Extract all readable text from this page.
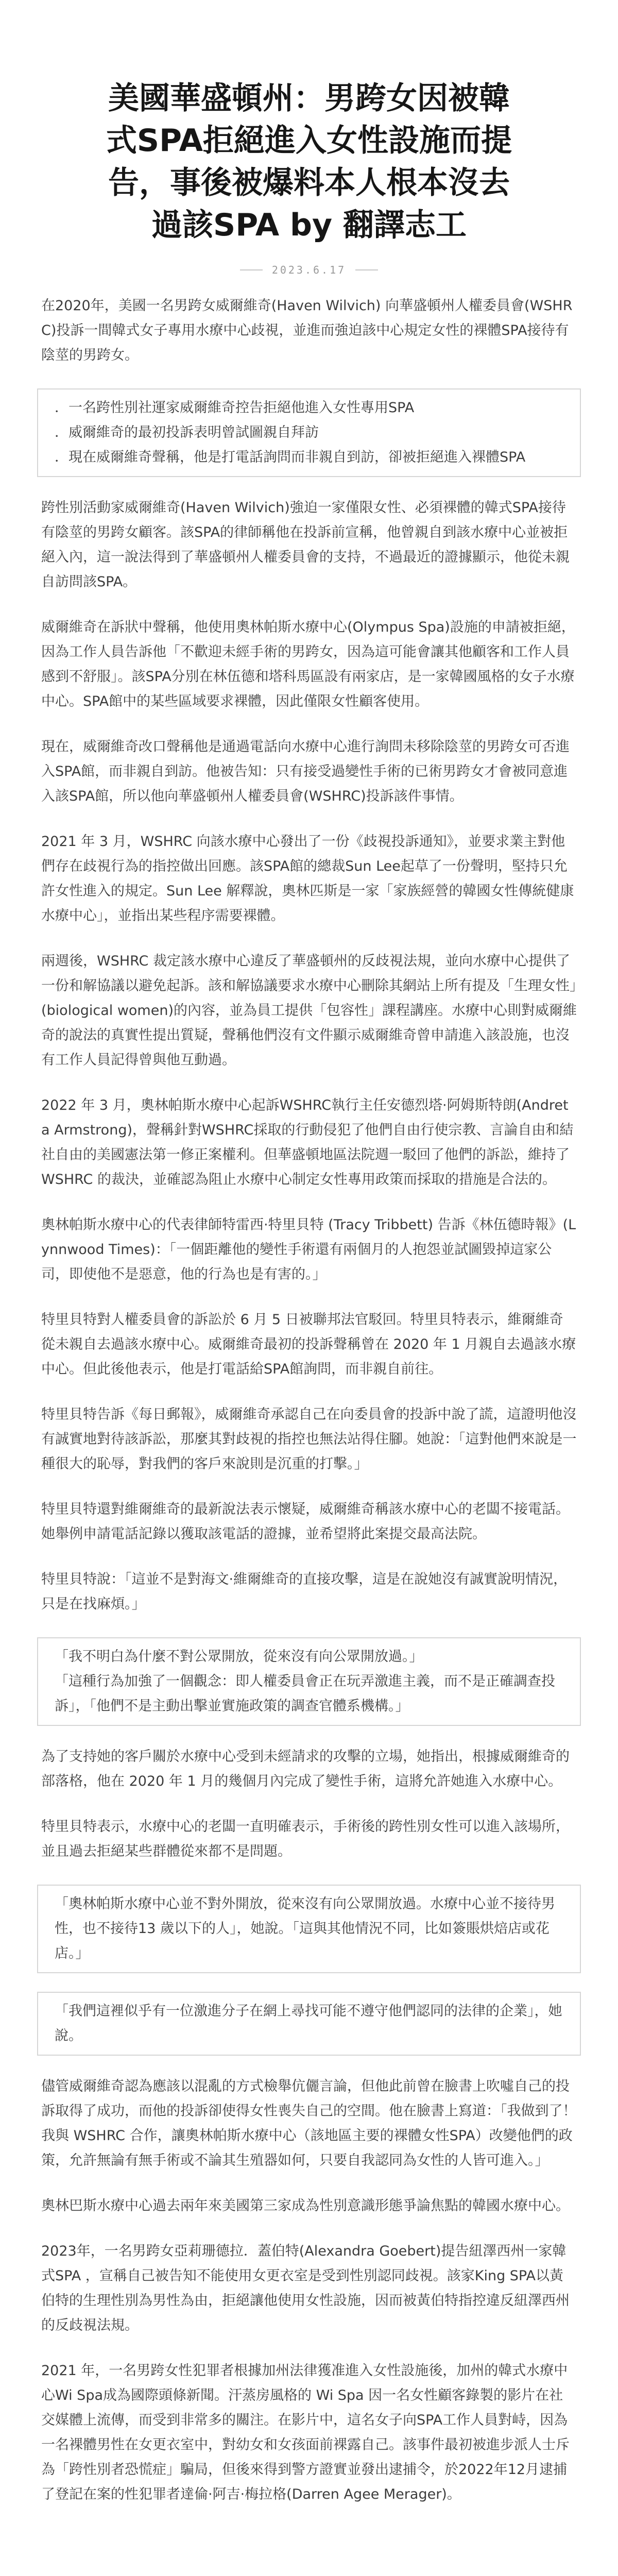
美國華盛頓州：男跨女因被韓
式SPA拒絕進入女性設施而提
告，事後被爆料本人根本沒去
過該SPA by 翻譯志工
2023.6.17

在2020年，美國一名男跨女威爾維奇(Haven Wilvich) 向華盛頓州人權委員會(WSHRC)投訴一間韓式女子專用水療中心歧視，並進而強迫該中心規定女性的裸體SPA接待有陰莖的男跨女。

．一名跨性別社運家威爾維奇控告拒絕他進入女性專用SPA
．威爾維奇的最初投訴表明曾試圖親自拜訪
．現在威爾維奇聲稱，他是打電話詢問而非親自到訪，卻被拒絕進入裸體SPA

跨性別活動家威爾維奇(Haven Wilvich)強迫一家僅限女性、必須裸體的韓式SPA接待有陰莖的男跨女顧客。該SPA的律師稱他在投訴前宣稱，他曾親自到該水療中心並被拒絕入內，這一說法得到了華盛頓州人權委員會的支持，不過最近的證據顯示，他從未親自訪問該SPA。

威爾維奇在訴狀中聲稱，他使用奧林帕斯水療中心(Olympus Spa)設施的申請被拒絕，因為工作人員告訴他「不歡迎未經手術的男跨女，因為這可能會讓其他顧客和工作人員感到不舒服」。該SPA分別在林伍德和塔科馬區設有兩家店，是一家韓國風格的女子水療中心。SPA館中的某些區域要求裸體，因此僅限女性顧客使用。

現在，威爾維奇改口聲稱他是通過電話向水療中心進行詢問未移除陰莖的男跨女可否進入SPA館，而非親自到訪。他被告知：只有接受過變性手術的已術男跨女才會被同意進入該SPA館，所以他向華盛頓州人權委員會(WSHRC)投訴該件事情。

2021 年 3 月，WSHRC 向該水療中心發出了一份《歧視投訴通知》，並要求業主對他們存在歧視行為的指控做出回應。該SPA館的總裁Sun Lee起草了一份聲明，堅持只允許女性進入的規定。Sun Lee 解釋說，奧林匹斯是一家「家族經營的韓國女性傳統健康水療中心」，並指出某些程序需要裸體。

兩週後，WSHRC 裁定該水療中心違反了華盛頓州的反歧視法規，並向水療中心提供了一份和解協議以避免起訴。該和解協議要求水療中心刪除其網站上所有提及「生理女性」(biological women)的內容，並為員工提供「包容性」課程講座。水療中心則對威爾維奇的說法的真實性提出質疑，聲稱他們沒有文件顯示威爾維奇曾申請進入該設施，也沒有工作人員記得曾與他互動過。

2022 年 3 月，奧林帕斯水療中心起訴WSHRC執行主任安德烈塔·阿姆斯特朗(Andreta Armstrong)，聲稱針對WSHRC採取的行動侵犯了他們自由行使宗教、言論自由和結社自由的美國憲法第一修正案權利。但華盛頓地區法院週一駁回了他們的訴訟，維持了 WSHRC 的裁決，並確認為阻止水療中心制定女性專用政策而採取的措施是合法的。

奧林帕斯水療中心的代表律師特雷西·特里貝特 (Tracy Tribbett) 告訴《林伍德時報》(Lynnwood Times)：「一個距離他的變性手術還有兩個月的人抱怨並試圖毀掉這家公司，即使他不是惡意，他的行為也是有害的。」

特里貝特對人權委員會的訴訟於 6 月 5 日被聯邦法官駁回。特里貝特表示，維爾維奇從未親自去過該水療中心。威爾維奇最初的投訴聲稱曾在 2020 年 1 月親自去過該水療中心。但此後他表示，他是打電話給SPA館詢問，而非親自前往。

特里貝特告訴《每日郵報》，威爾維奇承認自己在向委員會的投訴中說了謊，這證明他沒有誠實地對待該訴訟，那麼其對歧視的指控也無法站得住腳。她說：「這對他們來說是一種很大的恥辱，對我們的客戶來說則是沉重的打擊。」

特里貝特還對維爾維奇的最新說法表示懷疑，威爾維奇稱該水療中心的老闆不接電話。她舉例申請電話記錄以獲取該電話的證據，並希望將此案提交最高法院。

特里貝特說：「這並不是對海文·維爾維奇的直接攻擊，這是在說她沒有誠實說明情況，只是在找麻煩。」

「我不明白為什麼不對公眾開放，從來沒有向公眾開放過。」
「這種行為加強了一個觀念：即人權委員會正在玩弄激進主義，而不是正確調查投訴」，「他們不是主動出擊並實施政策的調查官體系機構。」

為了支持她的客戶關於水療中心受到未經請求的攻擊的立場，她指出，根據威爾維奇的部落格，他在 2020 年 1 月的幾個月內完成了變性手術，這將允許她進入水療中心。

特里貝特表示，水療中心的老闆一直明確表示，手術後的跨性別女性可以進入該場所，並且過去拒絕某些群體從來都不是問題。

「奧林帕斯水療中心並不對外開放，從來沒有向公眾開放過。水療中心並不接待男性，也不接待13 歲以下的人」，她說。「這與其他情況不同，比如簽賬烘焙店或花店。」

「我們這裡似乎有一位激進分子在網上尋找可能不遵守他們認同的法律的企業」，她說。

儘管威爾維奇認為應該以混亂的方式檢舉伉儷言論，但他此前曾在臉書上吹噓自己的投訴取得了成功，而他的投訴卻使得女性喪失自己的空間。他在臉書上寫道：「我做到了！我與 WSHRC 合作，讓奧林帕斯水療中心（該地區主要的裸體女性SPA）改變他們的政策，允許無論有無手術或不論其生殖器如何，只要自我認同為女性的人皆可進入。」

奧林巴斯水療中心過去兩年來美國第三家成為性別意識形態爭論焦點的韓國水療中心。

2023年，一名男跨女亞莉珊德拉．蓋伯特(Alexandra Goebert)提告紐澤西州一家韓式SPA ，宣稱自己被告知不能使用女更衣室是受到性別認同歧視。該家King SPA以黃伯特的生理性別為男性為由，拒絕讓他使用女性設施，因而被黃伯特指控違反紐澤西州的反歧視法規。

2021 年，一名男跨女性犯罪者根據加州法律獲准進入女性設施後，加州的韓式水療中心Wi Spa成為國際頭條新聞。汗蒸房風格的 Wi Spa 因一名女性顧客錄製的影片在社交媒體上流傳，而受到非常多的關注。在影片中，這名女子向SPA工作人員對峙，因為一名裸體男性在女更衣室中，對幼女和女孩面前裸露自己。該事件最初被進步派人士斥為「跨性別者恐慌症」騙局，但後來得到警方證實並發出逮捕令，於2022年12月逮捕了登記在案的性犯罪者達倫·阿吉·梅拉格(Darren Agee Merager)。
